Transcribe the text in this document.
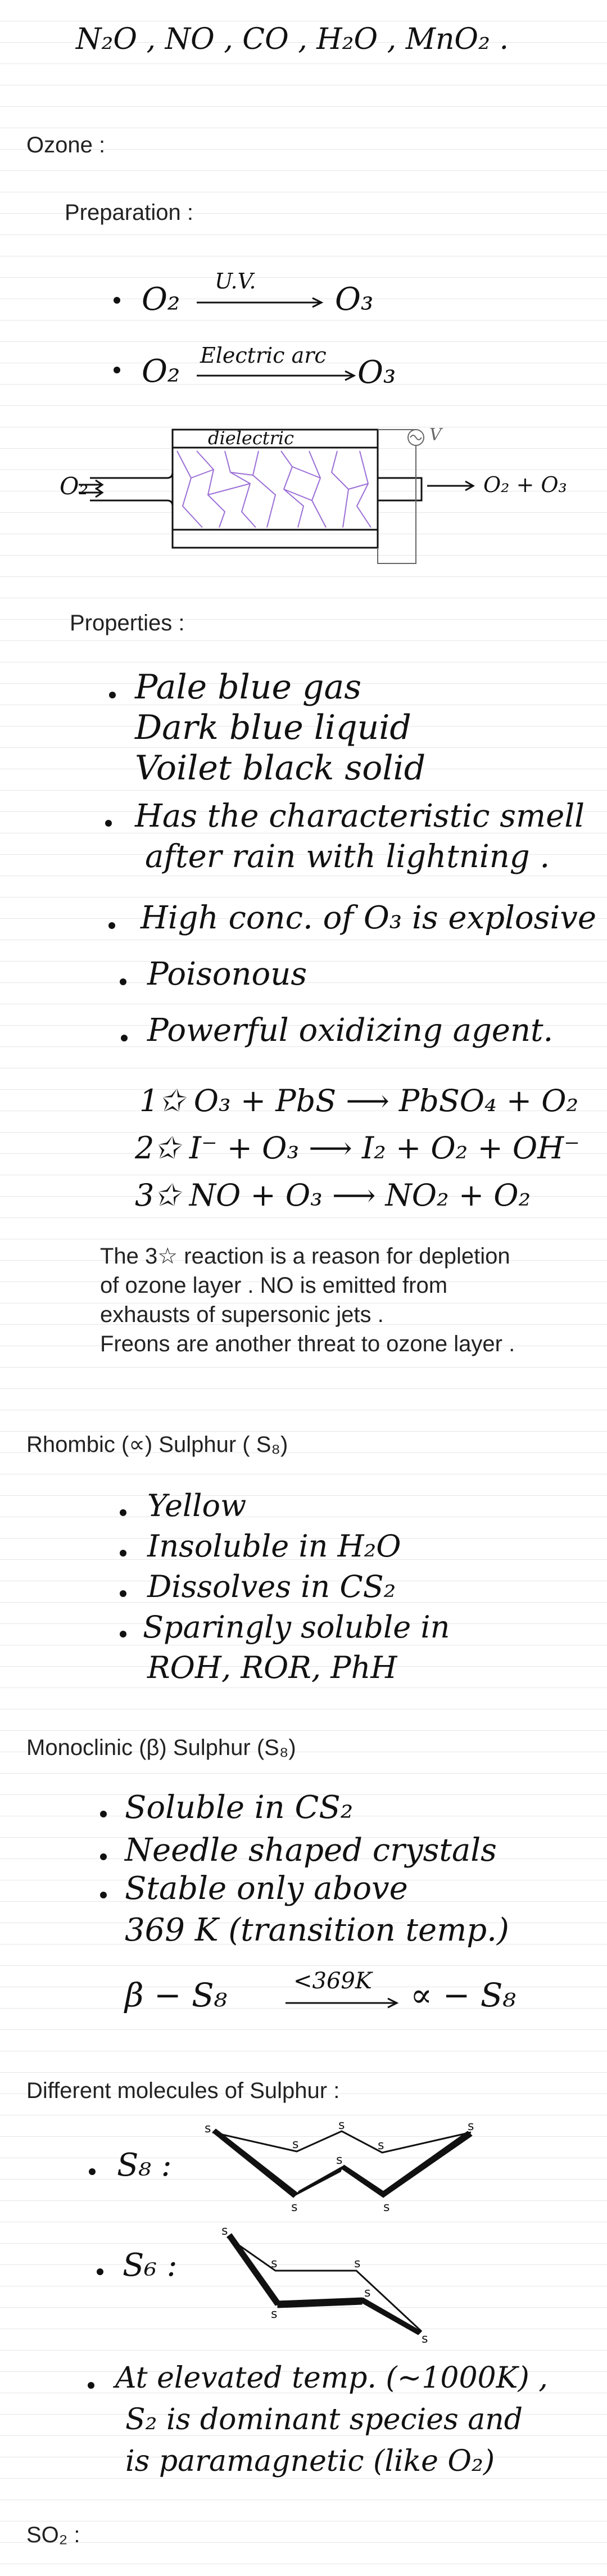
N₂O , NO , CO , H₂O , MnO₂ .
Ozone :
Preparation :
O₂ U.V.	O₃
O₂ Electric arc O₃
dielectric
O₂	O₂ + O₃
V
Properties :
Pale blue gas
Dark blue liquid
Voilet black solid
Has the characteristic smell
after rain with lightning .
High conc. of O₃ is explosive
Poisonous
Powerful oxidizing agent.
1✩ O₃ + PbS ⟶ PbSO₄ + O₂
2✩ I⁻ + O₃ ⟶ I₂ + O₂ + OH⁻
3✩ NO + O₃ ⟶ NO₂ + O₂
The 3☆ reaction is a reason for depletion
of ozone layer . NO is emitted from
exhausts of supersonic jets .
Freons are another threat to ozone layer .
Rhombic (∝) Sulphur ( S₈)
Yellow
Insoluble in H₂O
Dissolves in CS₂
Sparingly soluble in
ROH, ROR, PhH
Monoclinic (β) Sulphur (S₈)
Soluble in CS₂
Needle shaped crystals
Stable only above
369 K (transition temp.)
β − S₈	<369K ∝ − S₈
Different molecules of Sulphur :
S₈ :
s
s
s
s
s
s
s
s
S₆ :
s
s	s
s
s
s
At elevated temp. (~1000K) ,
S₂ is dominant species and
is paramagnetic (like O₂)
SO₂ :
